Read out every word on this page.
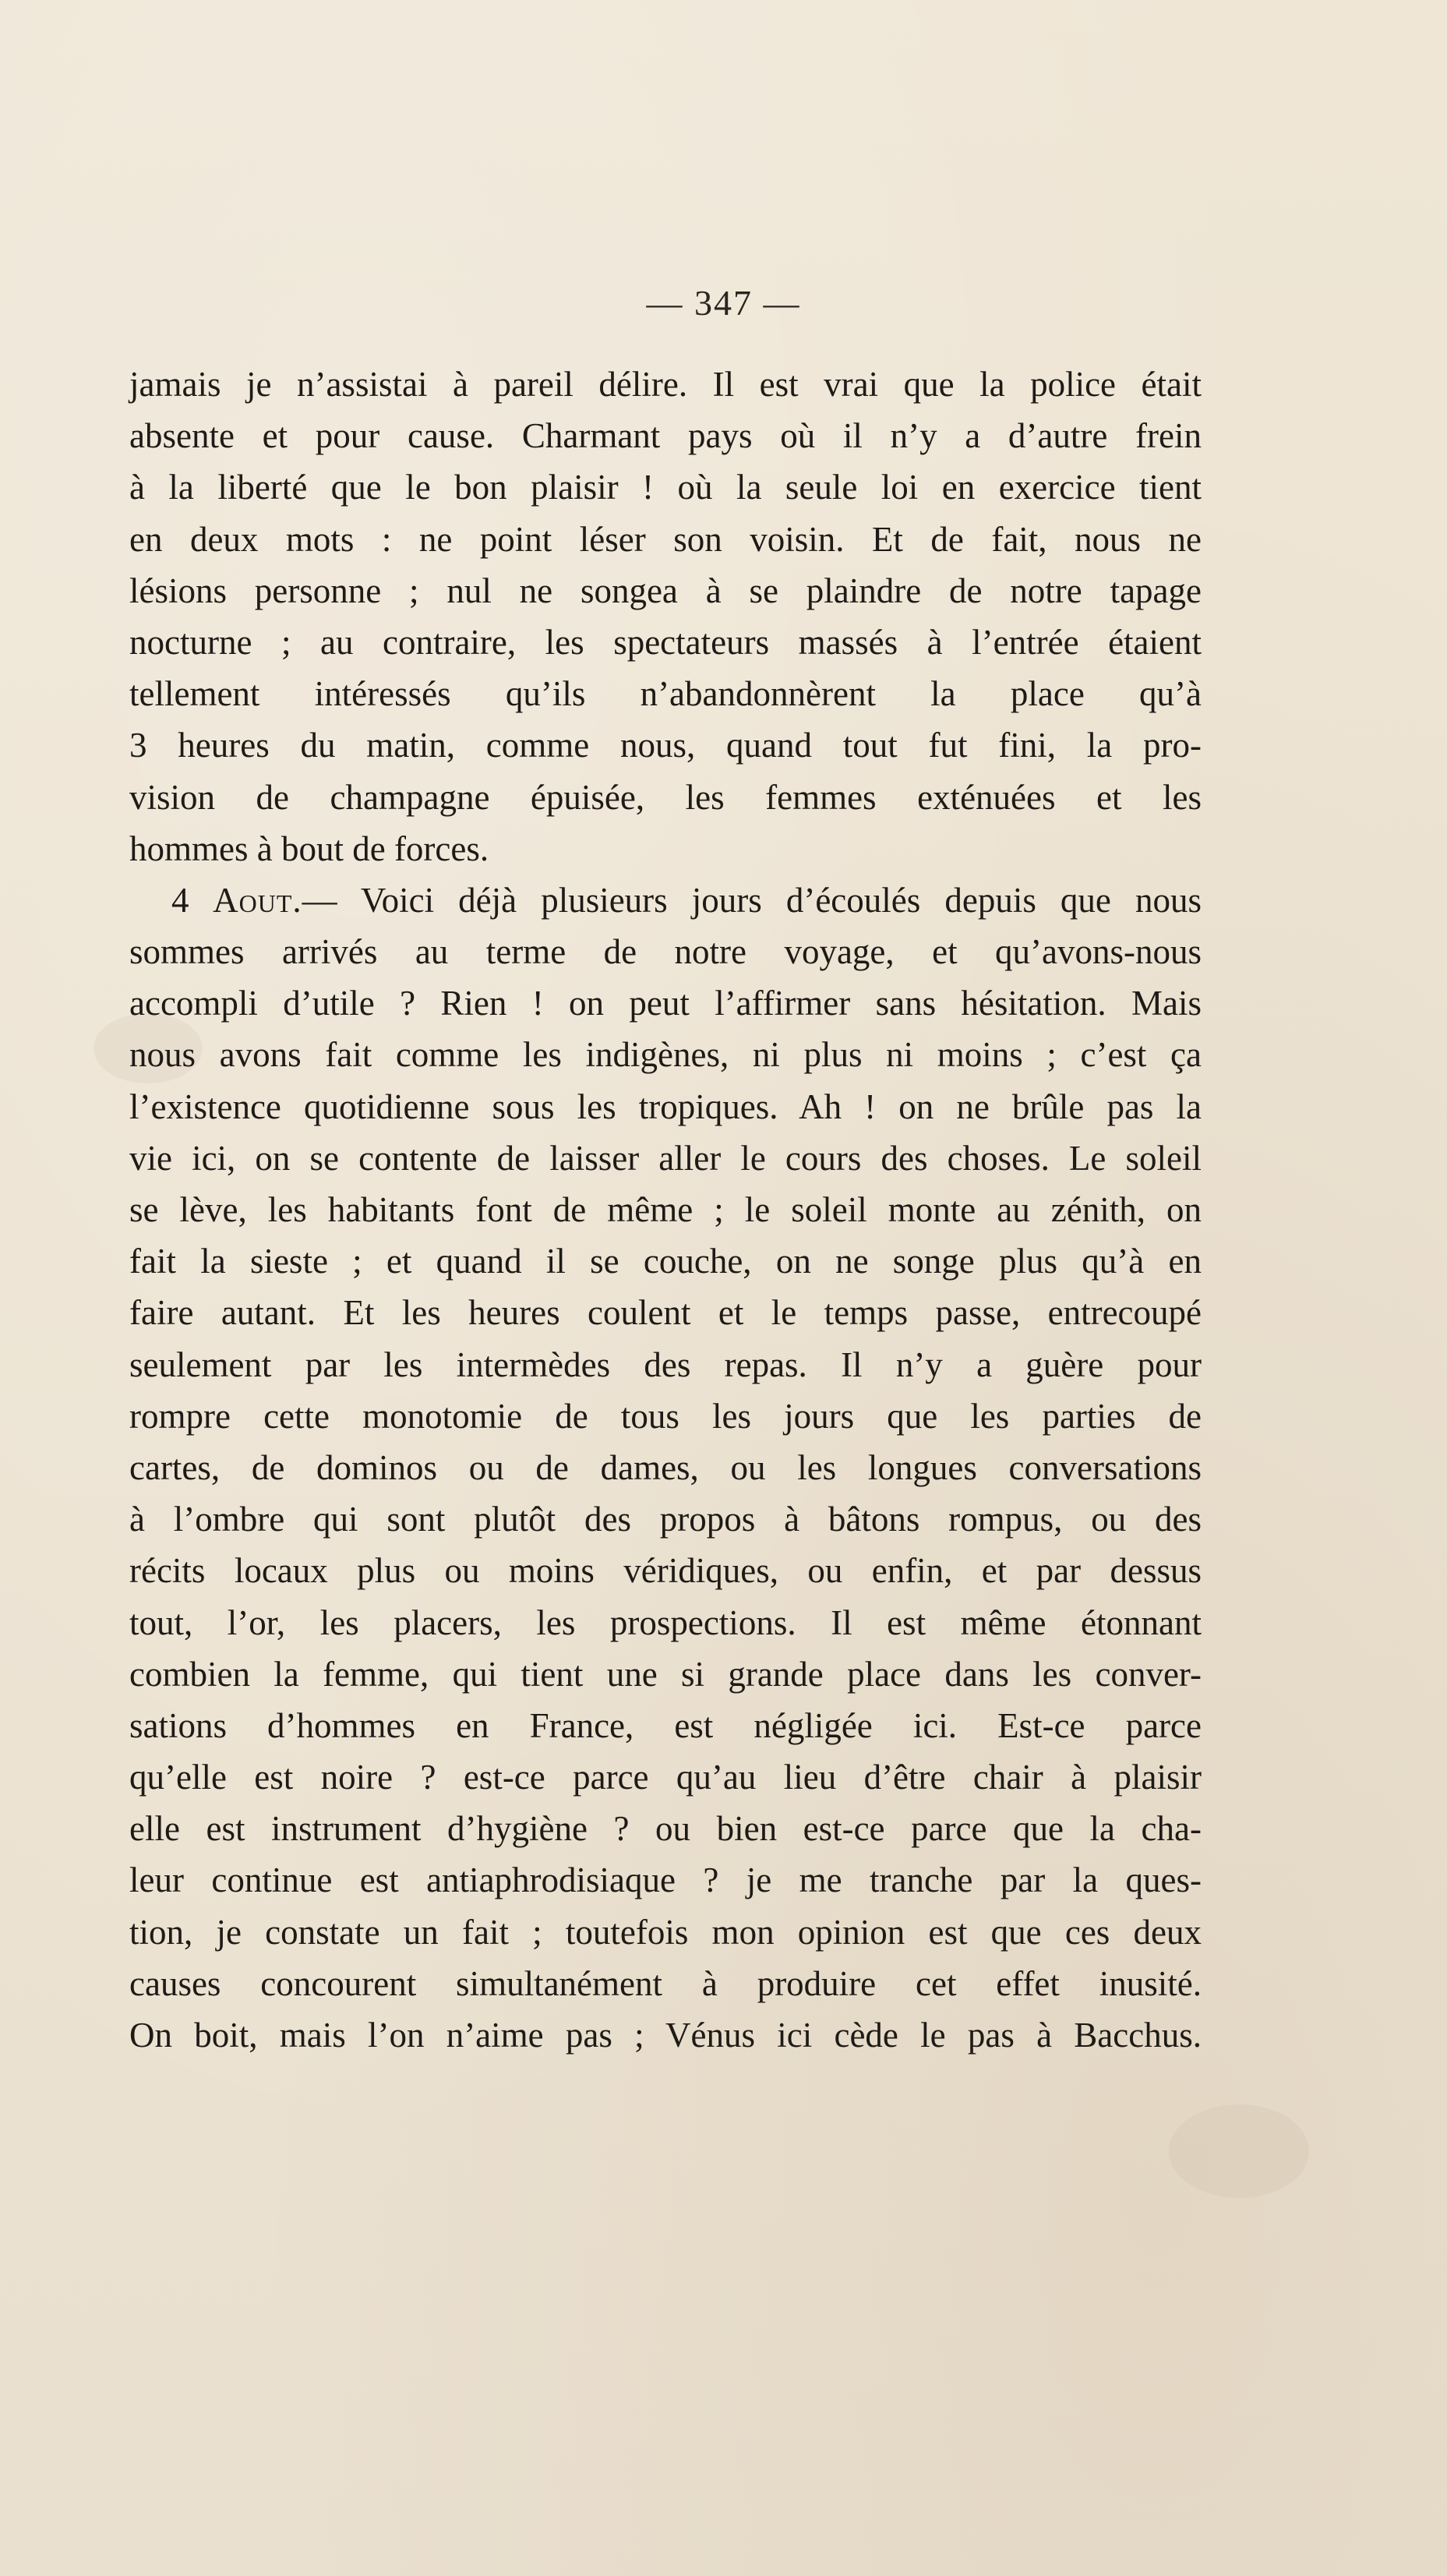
— 347 —
jamais je n’assistai à pareil délire. Il est vrai que la police était
absente et pour cause. Charmant pays où il n’y a d’autre frein
à la liberté que le bon plaisir ! où la seule loi en exercice tient
en deux mots : ne point léser son voisin. Et de fait, nous ne
lésions personne ; nul ne songea à se plaindre de notre tapage
nocturne ; au contraire, les spectateurs massés à l’entrée étaient
tellement intéressés qu’ils n’abandonnèrent la place qu’à
3 heures du matin, comme nous, quand tout fut fini, la pro-
vision de champagne épuisée, les femmes exténuées et les
hommes à bout de forces.
4 Aout.— Voici déjà plusieurs jours d’écoulés depuis que nous
sommes arrivés au terme de notre voyage, et qu’avons-nous
accompli d’utile ? Rien ! on peut l’affirmer sans hésitation. Mais
nous avons fait comme les indigènes, ni plus ni moins ; c’est ça
l’existence quotidienne sous les tropiques. Ah ! on ne brûle pas la
vie ici, on se contente de laisser aller le cours des choses. Le soleil
se lève, les habitants font de même ; le soleil monte au zénith, on
fait la sieste ; et quand il se couche, on ne songe plus qu’à en
faire autant. Et les heures coulent et le temps passe, entrecoupé
seulement par les intermèdes des repas. Il n’y a guère pour
rompre cette monotomie de tous les jours que les parties de
cartes, de dominos ou de dames, ou les longues conversations
à l’ombre qui sont plutôt des propos à bâtons rompus, ou des
récits locaux plus ou moins véridiques, ou enfin, et par dessus
tout, l’or, les placers, les prospections. Il est même étonnant
combien la femme, qui tient une si grande place dans les conver-
sations d’hommes en France, est négligée ici. Est-ce parce
qu’elle est noire ? est-ce parce qu’au lieu d’être chair à plaisir
elle est instrument d’hygiène ? ou bien est-ce parce que la cha-
leur continue est antiaphrodisiaque ? je me tranche par la ques-
tion, je constate un fait ; toutefois mon opinion est que ces deux
causes concourent simultanément à produire cet effet inusité.
On boit, mais l’on n’aime pas ; Vénus ici cède le pas à Bacchus.
